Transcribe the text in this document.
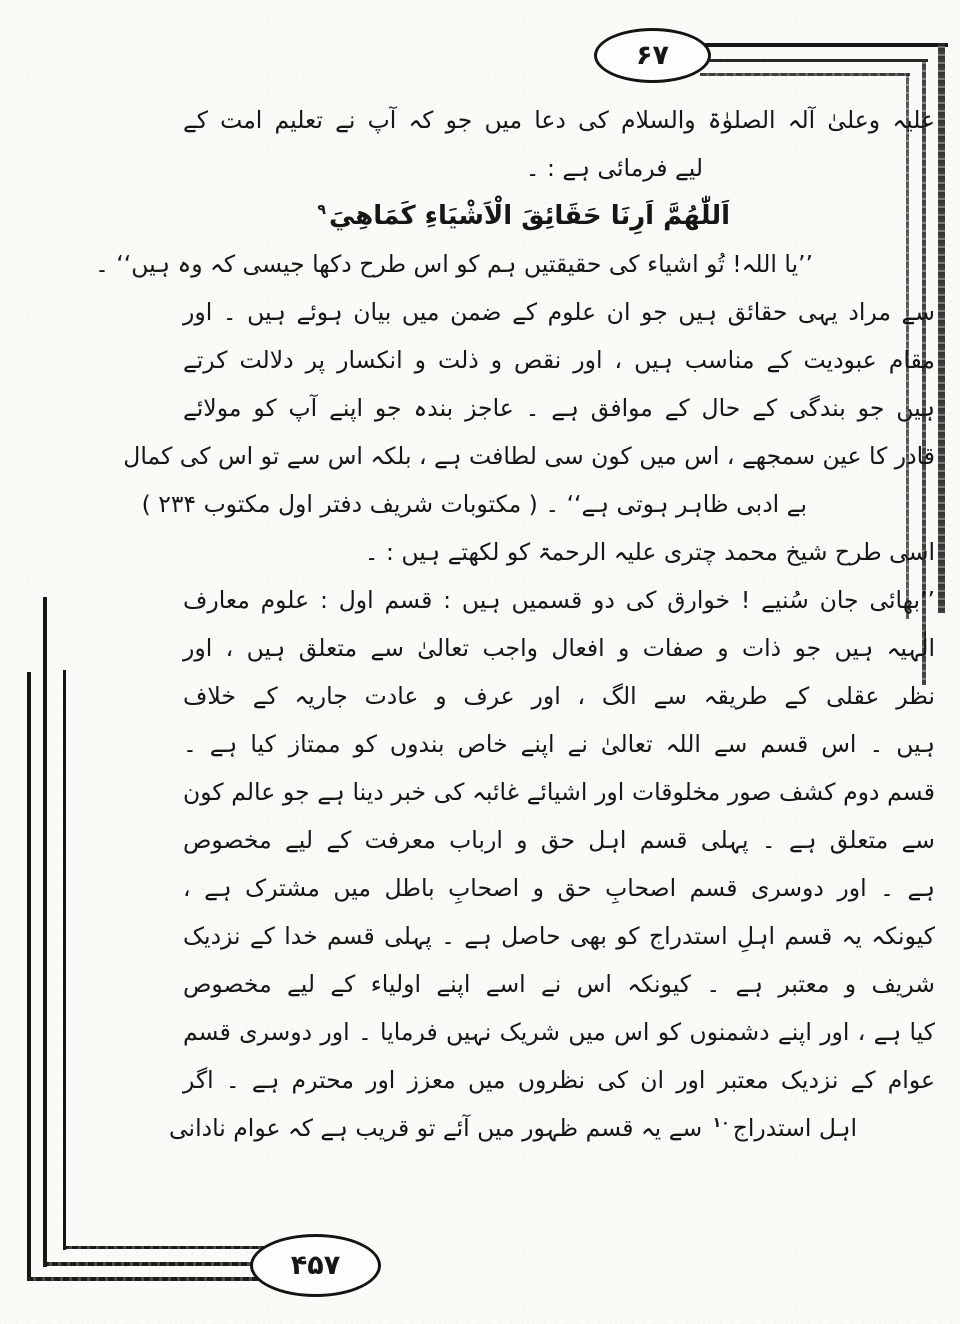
۶۷
۴۵۷
علیہ وعلیٰ آلہ الصلوٰۃ والسلام کی دعا میں جو کہ آپ نے تعلیم امت کے
لیے فرمائی ہے : ۔
اَللّٰهُمَّ اَرِنَا حَقَائِقَ الْاَشْيَاءِ كَمَاهِيَ$^۹$
’’یا اللہ! تُو اشیاء کی حقیقتیں ہم کو اس طرح دکھا جیسی کہ وہ ہیں‘‘ ۔
سے مراد یہی حقائق ہیں جو ان علوم کے ضمن میں بیان ہوئے ہیں ۔ اور
مقام عبودیت کے مناسب ہیں ، اور نقص و ذلت و انکسار پر دلالت کرتے
ہیں جو بندگی کے حال کے موافق ہے ۔ عاجز بندہ جو اپنے آپ کو مولائے
قادر کا عین سمجھے ، اس میں کون سی لطافت ہے ، بلکہ اس سے تو اس کی کمال
بے ادبی ظاہر ہوتی ہے‘‘ ۔ ( مکتوبات شریف دفتر اول مکتوب ۲۳۴ )
اسی طرح شیخ محمد چتری علیہ الرحمۃ کو لکھتے ہیں : ۔
’’بھائی جان سُنیے ! خوارق کی دو قسمیں ہیں : قسم اول : علوم معارف
الٰہیہ ہیں جو ذات و صفات و افعال واجب تعالیٰ سے متعلق ہیں ، اور
نظر عقلی کے طریقہ سے الگ ، اور عرف و عادت جاریہ کے خلاف
ہیں ۔ اس قسم سے اللہ تعالیٰ نے اپنے خاص بندوں کو ممتاز کیا ہے ۔
قسم دوم کشف صور مخلوقات اور اشیائے غائبہ کی خبر دینا ہے جو عالم کون
سے متعلق ہے ۔ پہلی قسم اہل حق و ارباب معرفت کے لیے مخصوص
ہے ۔ اور دوسری قسم اصحابِ حق و اصحابِ باطل میں مشترک ہے ،
کیونکہ یہ قسم اہلِ استدراج کو بھی حاصل ہے ۔ پہلی قسم خدا کے نزدیک
شریف و معتبر ہے ۔ کیونکہ اس نے اسے اپنے اولیاء کے لیے مخصوص
کیا ہے ، اور اپنے دشمنوں کو اس میں شریک نہیں فرمایا ۔ اور دوسری قسم
عوام کے نزدیک معتبر اور ان کی نظروں میں معزز اور محترم ہے ۔ اگر
اہل استدراج$^{۱۰}$ سے یہ قسم ظہور میں آئے تو قریب ہے کہ عوام نادانی
